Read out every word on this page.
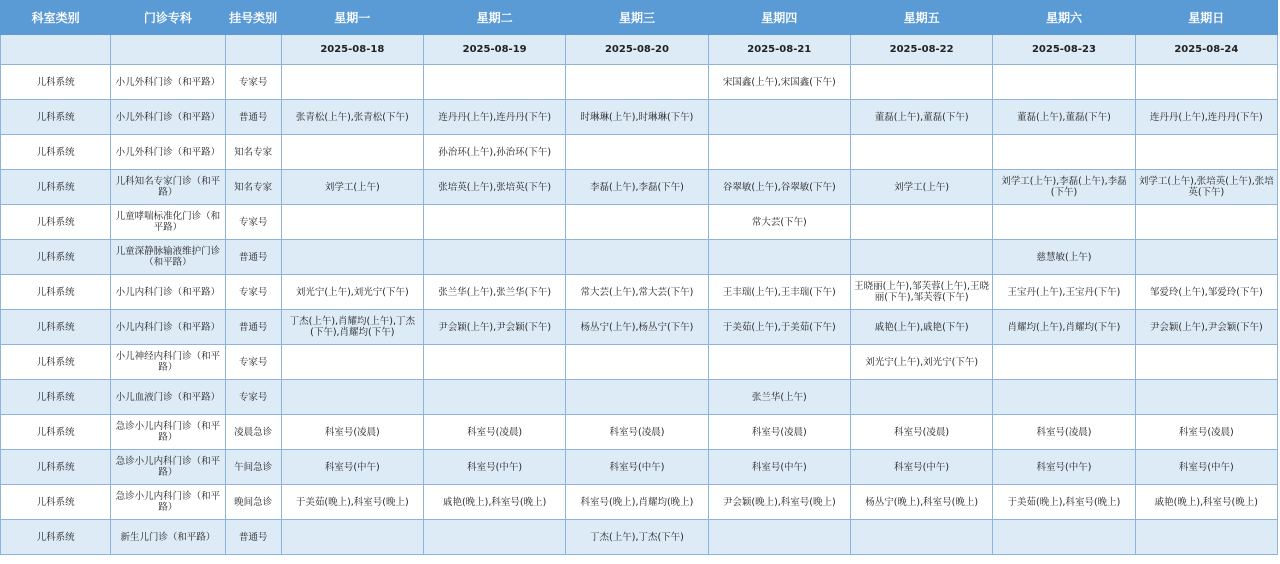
科室类别	门诊专科	挂号类别	星期一	星期二	星期三	星期四	星期五	星期六	星期日
			2025-08-18	2025-08-19	2025-08-20	2025-08-21	2025-08-22	2025-08-23	2025-08-24
儿科系统	小儿外科门诊（和平路）	专家号				宋国鑫(上午),宋国鑫(下午)			
儿科系统	小儿外科门诊（和平路）	普通号	张青松(上午),张青松(下午)	连丹丹(上午),连丹丹(下午)	时琳琳(上午),时琳琳(下午)		董磊(上午),董磊(下午)	董磊(上午),董磊(下午)	连丹丹(上午),连丹丹(下午)
儿科系统	小儿外科门诊（和平路）	知名专家		孙治环(上午),孙治环(下午)					
儿科系统	儿科知名专家门诊（和平路）	知名专家	刘学工(上午)	张培英(上午),张培英(下午)	李磊(上午),李磊(下午)	谷翠敏(上午),谷翠敏(下午)	刘学工(上午)	刘学工(上午),李磊(上午),李磊(下午)	刘学工(上午),张培英(上午),张培英(下午)
儿科系统	儿童哮喘标准化门诊（和平路）	专家号				常大芸(下午)			
儿科系统	儿童深静脉输液维护门诊（和平路）	普通号						慈慧敏(上午)	
儿科系统	小儿内科门诊（和平路）	专家号	刘光宁(上午),刘光宁(下午)	张兰华(上午),张兰华(下午)	常大芸(上午),常大芸(下午)	王丰瑞(上午),王丰瑞(下午)	王晓丽(上午),邹芙蓉(上午),王晓丽(下午),邹芙蓉(下午)	王宝丹(上午),王宝丹(下午)	邹爱玲(上午),邹爱玲(下午)
儿科系统	小儿内科门诊（和平路）	普通号	丁杰(上午),肖耀均(上午),丁杰(下午),肖耀均(下午)	尹会颖(上午),尹会颖(下午)	杨丛宁(上午),杨丛宁(下午)	于美茹(上午),于美茹(下午)	戚艳(上午),戚艳(下午)	肖耀均(上午),肖耀均(下午)	尹会颖(上午),尹会颖(下午)
儿科系统	小儿神经内科门诊（和平路）	专家号					刘光宁(上午),刘光宁(下午)		
儿科系统	小儿血液门诊（和平路）	专家号				张兰华(上午)			
儿科系统	急诊小儿内科门诊（和平路）	凌晨急诊	科室号(凌晨)	科室号(凌晨)	科室号(凌晨)	科室号(凌晨)	科室号(凌晨)	科室号(凌晨)	科室号(凌晨)
儿科系统	急诊小儿内科门诊（和平路）	午间急诊	科室号(中午)	科室号(中午)	科室号(中午)	科室号(中午)	科室号(中午)	科室号(中午)	科室号(中午)
儿科系统	急诊小儿内科门诊（和平路）	晚间急诊	于美茹(晚上),科室号(晚上)	戚艳(晚上),科室号(晚上)	科室号(晚上),肖耀均(晚上)	尹会颖(晚上),科室号(晚上)	杨丛宁(晚上),科室号(晚上)	于美茹(晚上),科室号(晚上)	戚艳(晚上),科室号(晚上)
儿科系统	新生儿门诊（和平路）	普通号			丁杰(上午),丁杰(下午)				
